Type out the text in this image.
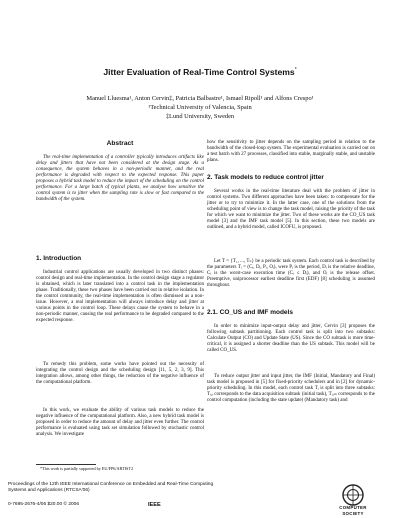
Jitter Evaluation of Real-Time Control Systems*
Manuel Lluesma¹, Anton Cervin‡, Patricia Balbastre¹, Ismael Ripoll¹ and Alfons Crespo¹
¹Technical University of Valencia, Spain
‡Lund University, Sweden
Abstract
The real-time implementation of a controller typically introduces artifacts like delay and jitters that have not been considered at the design stage. As a consequence, the system behaves in a non-periodic manner, and the real performance is degraded with respect to the expected response. This paper proposes a hybrid task model to reduce the impact of the scheduling on the control performance. For a large batch of typical plants, we analyse how sensitive the control system is to jitter when the sampling rate is slow or fast compared to the bandwidth of the system.
1. Introduction
Industrial control applications are usually developed in two distinct phases: control design and real-time implementation. In the control design stage a regulator is obtained, which is later translated into a control task in the implementation phase. Traditionally, these two phases have been carried out in relative isolation. In the control community, the real-time implementation is often dismissed as a non-issue. However, a real implementation will always introduce delay and jitter at various points in the control loop. These delays cause the system to behave in a non-periodic manner, causing the real performance to be degraded compared to the expected response.
To remedy this problem, some works have pointed out the necessity of integrating the control design and the scheduling design [11, 5, 2, 3, 9]. This integration allows, among other things, the reduction of the negative influence of the computational platform.
In this work, we evaluate the ability of various task models to reduce the negative influence of the computational platform. Also, a new hybrid task model is proposed in order to reduce the amount of delay and jitter even further. The control performance is evaluated using task set simulation followed by stochastic control analysis. We investigate
*This work is partially supported by EU/FP6/ARTIST2
how the sensitivity to jitter depends on the sampling period in relation to the bandwidth of the closed-loop system. The experimental evaluation is carried out on a test batch with 27 processes, classified into stable, marginally stable, and unstable plans.
2. Task models to reduce control jitter
Several works in the real-time literature deal with the problem of jitter in control systems. Two different approaches have been taken: to compensate for the jitter or to try to minimize it. In the latter case, one of the solutions from the scheduling point of view is to change the task model, raising the priority of the task for which we want to minimize the jitter. Two of these works are the CO_US task model [3] and the IMF task model [5]. In this section, these two models are outlined, and a hybrid model, called ICOFU, is proposed.
Let T = {T₁, ..., Tₙ} be a periodic task system. Each control task is described by the parameters Tᵢ = (Cᵢ, Dᵢ, Pᵢ, Oᵢ), were Pᵢ is the period, Dᵢ is the relative deadline, Cᵢ is the worst-case execution time (Cᵢ ≤ Dᵢ), and Oᵢ is the release offset. Preemptive, uniprocessor earliest deadline first (EDF) [8] scheduling is assumed throughout.
2.1. CO_US and IMF models
In order to minimize input-output delay and jitter, Cervin [3] proposes the following subtask partitioning. Each control task is split into two subtasks: Calculate Output (CO) and Update State (US). Since the CO subtask is more time-critical, it is assigned a shorter deadline than the US subtask. This model will be called CO_US.
To reduce output jitter and input jitter, the IMF (Initial, Mandatory and Final) task model is proposed in [5] for fixed-priority schedulers and in [2] for dynamic-priority scheduling. In this model, each control task Tᵢ is split into three subtasks: Tᵢ,ᵢ corresponds to the data acquisition subtask (initial task), Tᵢ,ₘ corresponds to the control computation (including the state update) (Mandatory task) and
Proceedings of the 12th IEEE International Conference on Embedded and Real-Time Computing
Systems and Applications (RTCSA'06)
0-7695-2676-4/06 $20.00 © 2006	IEEE	COMPUTER
SOCIETY
